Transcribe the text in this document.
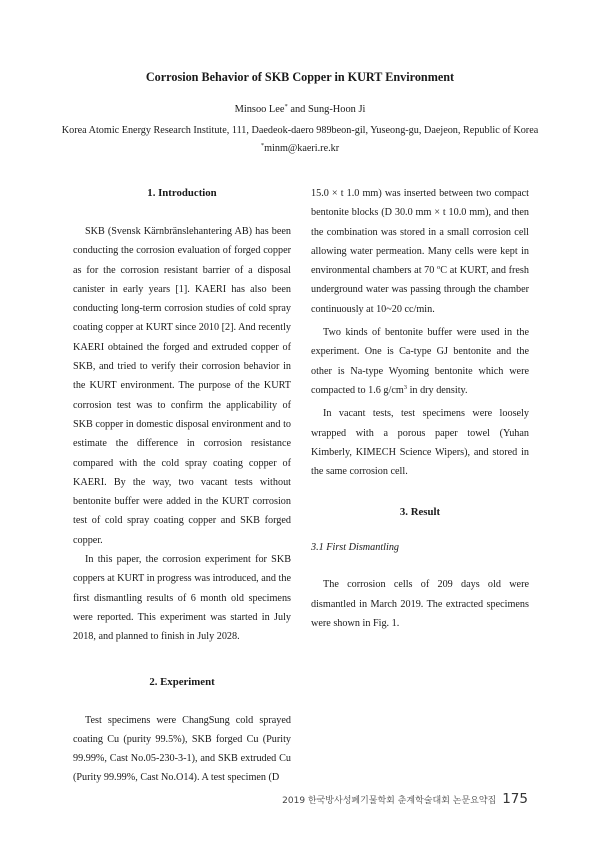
Corrosion Behavior of SKB Copper in KURT Environment
Minsoo Lee* and Sung-Hoon Ji
Korea Atomic Energy Research Institute, 111, Daedeok-daero 989beon-gil, Yuseong-gu, Daejeon, Republic of Korea
*minm@kaeri.re.kr
1. Introduction

SKB (Svensk Kärnbränslehantering AB) has been conducting the corrosion evaluation of forged copper as for the corrosion resistant barrier of a disposal canister in early years [1]. KAERI has also been conducting long-term corrosion studies of cold spray coating copper at KURT since 2010 [2]. And recently KAERI obtained the forged and extruded copper of SKB, and tried to verify their corrosion behavior in the KURT environment. The purpose of the KURT corrosion test was to confirm the applicability of SKB copper in domestic disposal environment and to estimate the difference in corrosion resistance compared with the cold spray coating copper of KAERI. By the way, two vacant tests without bentonite buffer were added in the KURT corrosion test of cold spray coating copper and SKB forged copper.

In this paper, the corrosion experiment for SKB coppers at KURT in progress was introduced, and the first dismantling results of 6 month old specimens were reported. This experiment was started in July 2018, and planned to finish in July 2028.

2. Experiment

Test specimens were ChangSung cold sprayed coating Cu (purity 99.5%), SKB forged Cu (Purity 99.99%, Cast No.05-230-3-1), and SKB extruded Cu (Purity 99.99%, Cast No.O14). A test specimen (D

15.0 × t 1.0 mm) was inserted between two compact bentonite blocks (D 30.0 mm × t 10.0 mm), and then the combination was stored in a small corrosion cell allowing water permeation. Many cells were kept in environmental chambers at 70 $^o$C at KURT, and fresh underground water was passing through the chamber continuously at 10~20 cc/min.

Two kinds of bentonite buffer were used in the experiment. One is Ca-type GJ bentonite and the other is Na-type Wyoming bentonite which were compacted to 1.6 $g/cm^3$ in dry density.

In vacant tests, test specimens were loosely wrapped with a porous paper towel (Yuhan Kimberly, KIMECH Science Wipers), and stored in the same corrosion cell.

3. Result
3.1 First Dismantling

The corrosion cells of 209 days old were dismantled in March 2019. The extracted specimens were shown in Fig. 1.

2019 한국방사성폐기물학회 춘계학술대회 논문요약집 175
